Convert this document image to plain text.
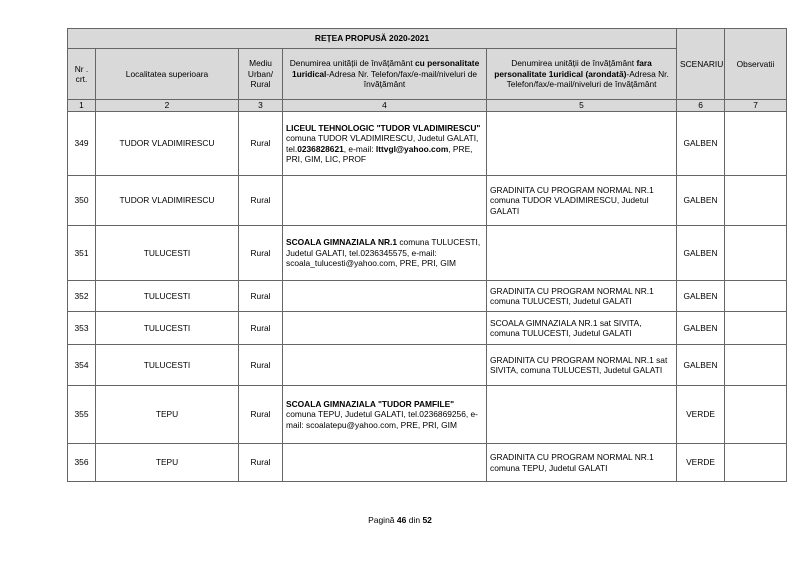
REȚEA PROPUSĂ 2020-2021					SCENARIU	Observatii
Nr . crt.	Localitatea superioara	Mediu Urban/ Rural	Denumirea unității de învățământ cu personalitate 1uridical-Adresa Nr. Telefon/fax/e-mail/niveluri de învățământ	Denumirea unității de învățământ fara personalitate 1uridical (arondată)-Adresa Nr. Telefon/fax/e-mail/niveluri de învățământ		
1	2	3	4	5	6	7
349	TUDOR VLADIMIRESCU	Rural	LICEUL TEHNOLOGIC "TUDOR VLADIMIRESCU" comuna TUDOR VLADIMIRESCU, Judetul GALATI, tel.0236828621, e-mail: lttvgl@yahoo.com, PRE, PRI, GIM, LIC, PROF		GALBEN	
350	TUDOR VLADIMIRESCU	Rural		GRADINITA CU PROGRAM NORMAL NR.1 comuna TUDOR VLADIMIRESCU, Judetul GALATI	GALBEN	
351	TULUCESTI	Rural	SCOALA GIMNAZIALA NR.1 comuna TULUCESTI, Judetul GALATI, tel.0236345575, e-mail: scoala_tulucesti@yahoo.com, PRE, PRI, GIM		GALBEN	
352	TULUCESTI	Rural		GRADINITA CU PROGRAM NORMAL NR.1 comuna TULUCESTI, Judetul GALATI	GALBEN	
353	TULUCESTI	Rural		SCOALA GIMNAZIALA NR.1 sat SIVITA, comuna TULUCESTI, Judetul GALATI	GALBEN	
354	TULUCESTI	Rural		GRADINITA CU PROGRAM NORMAL NR.1 sat SIVITA, comuna TULUCESTI, Judetul GALATI	GALBEN	
355	TEPU	Rural	SCOALA GIMNAZIALA "TUDOR PAMFILE" comuna TEPU, Judetul GALATI, tel.0236869256, e-mail: scoalatepu@yahoo.com, PRE, PRI, GIM		VERDE	
356	TEPU	Rural		GRADINITA CU PROGRAM NORMAL NR.1 comuna TEPU, Judetul GALATI	VERDE	
Pagină 46 din 52
